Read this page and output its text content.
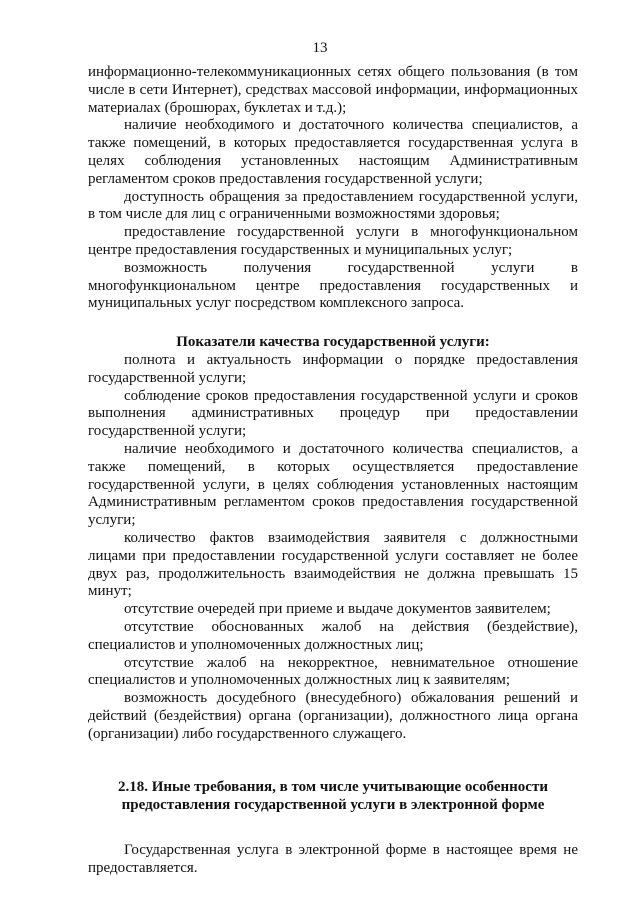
13

информационно-телекоммуникационных сетях общего пользования (в том числе в сети Интернет), средствах массовой информации, информационных материалах (брошюрах, буклетах и т.д.);

наличие необходимого и достаточного количества специалистов, а также помещений, в которых предоставляется государственная услуга в целях соблюдения установленных настоящим Административным регламентом сроков предоставления государственной услуги;

доступность обращения за предоставлением государственной услуги, в том числе для лиц с ограниченными возможностями здоровья;

предоставление государственной услуги в многофункциональном центре предоставления государственных и муниципальных услуг;

возможность получения государственной услуги в многофункциональном центре предоставления государственных и муниципальных услуг посредством комплексного запроса.

Показатели качества государственной услуги:

полнота и актуальность информации о порядке предоставления государственной услуги;

соблюдение сроков предоставления государственной услуги и сроков выполнения административных процедур при предоставлении государственной услуги;

наличие необходимого и достаточного количества специалистов, а также помещений, в которых осуществляется предоставление государственной услуги, в целях соблюдения установленных настоящим Административным регламентом сроков предоставления государственной услуги;

количество фактов взаимодействия заявителя с должностными лицами при предоставлении государственной услуги составляет не более двух раз, продолжительность взаимодействия не должна превышать 15 минут;

отсутствие очередей при приеме и выдаче документов заявителем;

отсутствие обоснованных жалоб на действия (бездействие), специалистов и уполномоченных должностных лиц;

отсутствие жалоб на некорректное, невнимательное отношение специалистов и уполномоченных должностных лиц к заявителям;

возможность досудебного (внесудебного) обжалования решений и действий (бездействия) органа (организации), должностного лица органа (организации) либо государственного служащего.

2.18. Иные требования, в том числе учитывающие особенности
предоставления государственной услуги в электронной форме

Государственная услуга в электронной форме в настоящее время не предоставляется.
